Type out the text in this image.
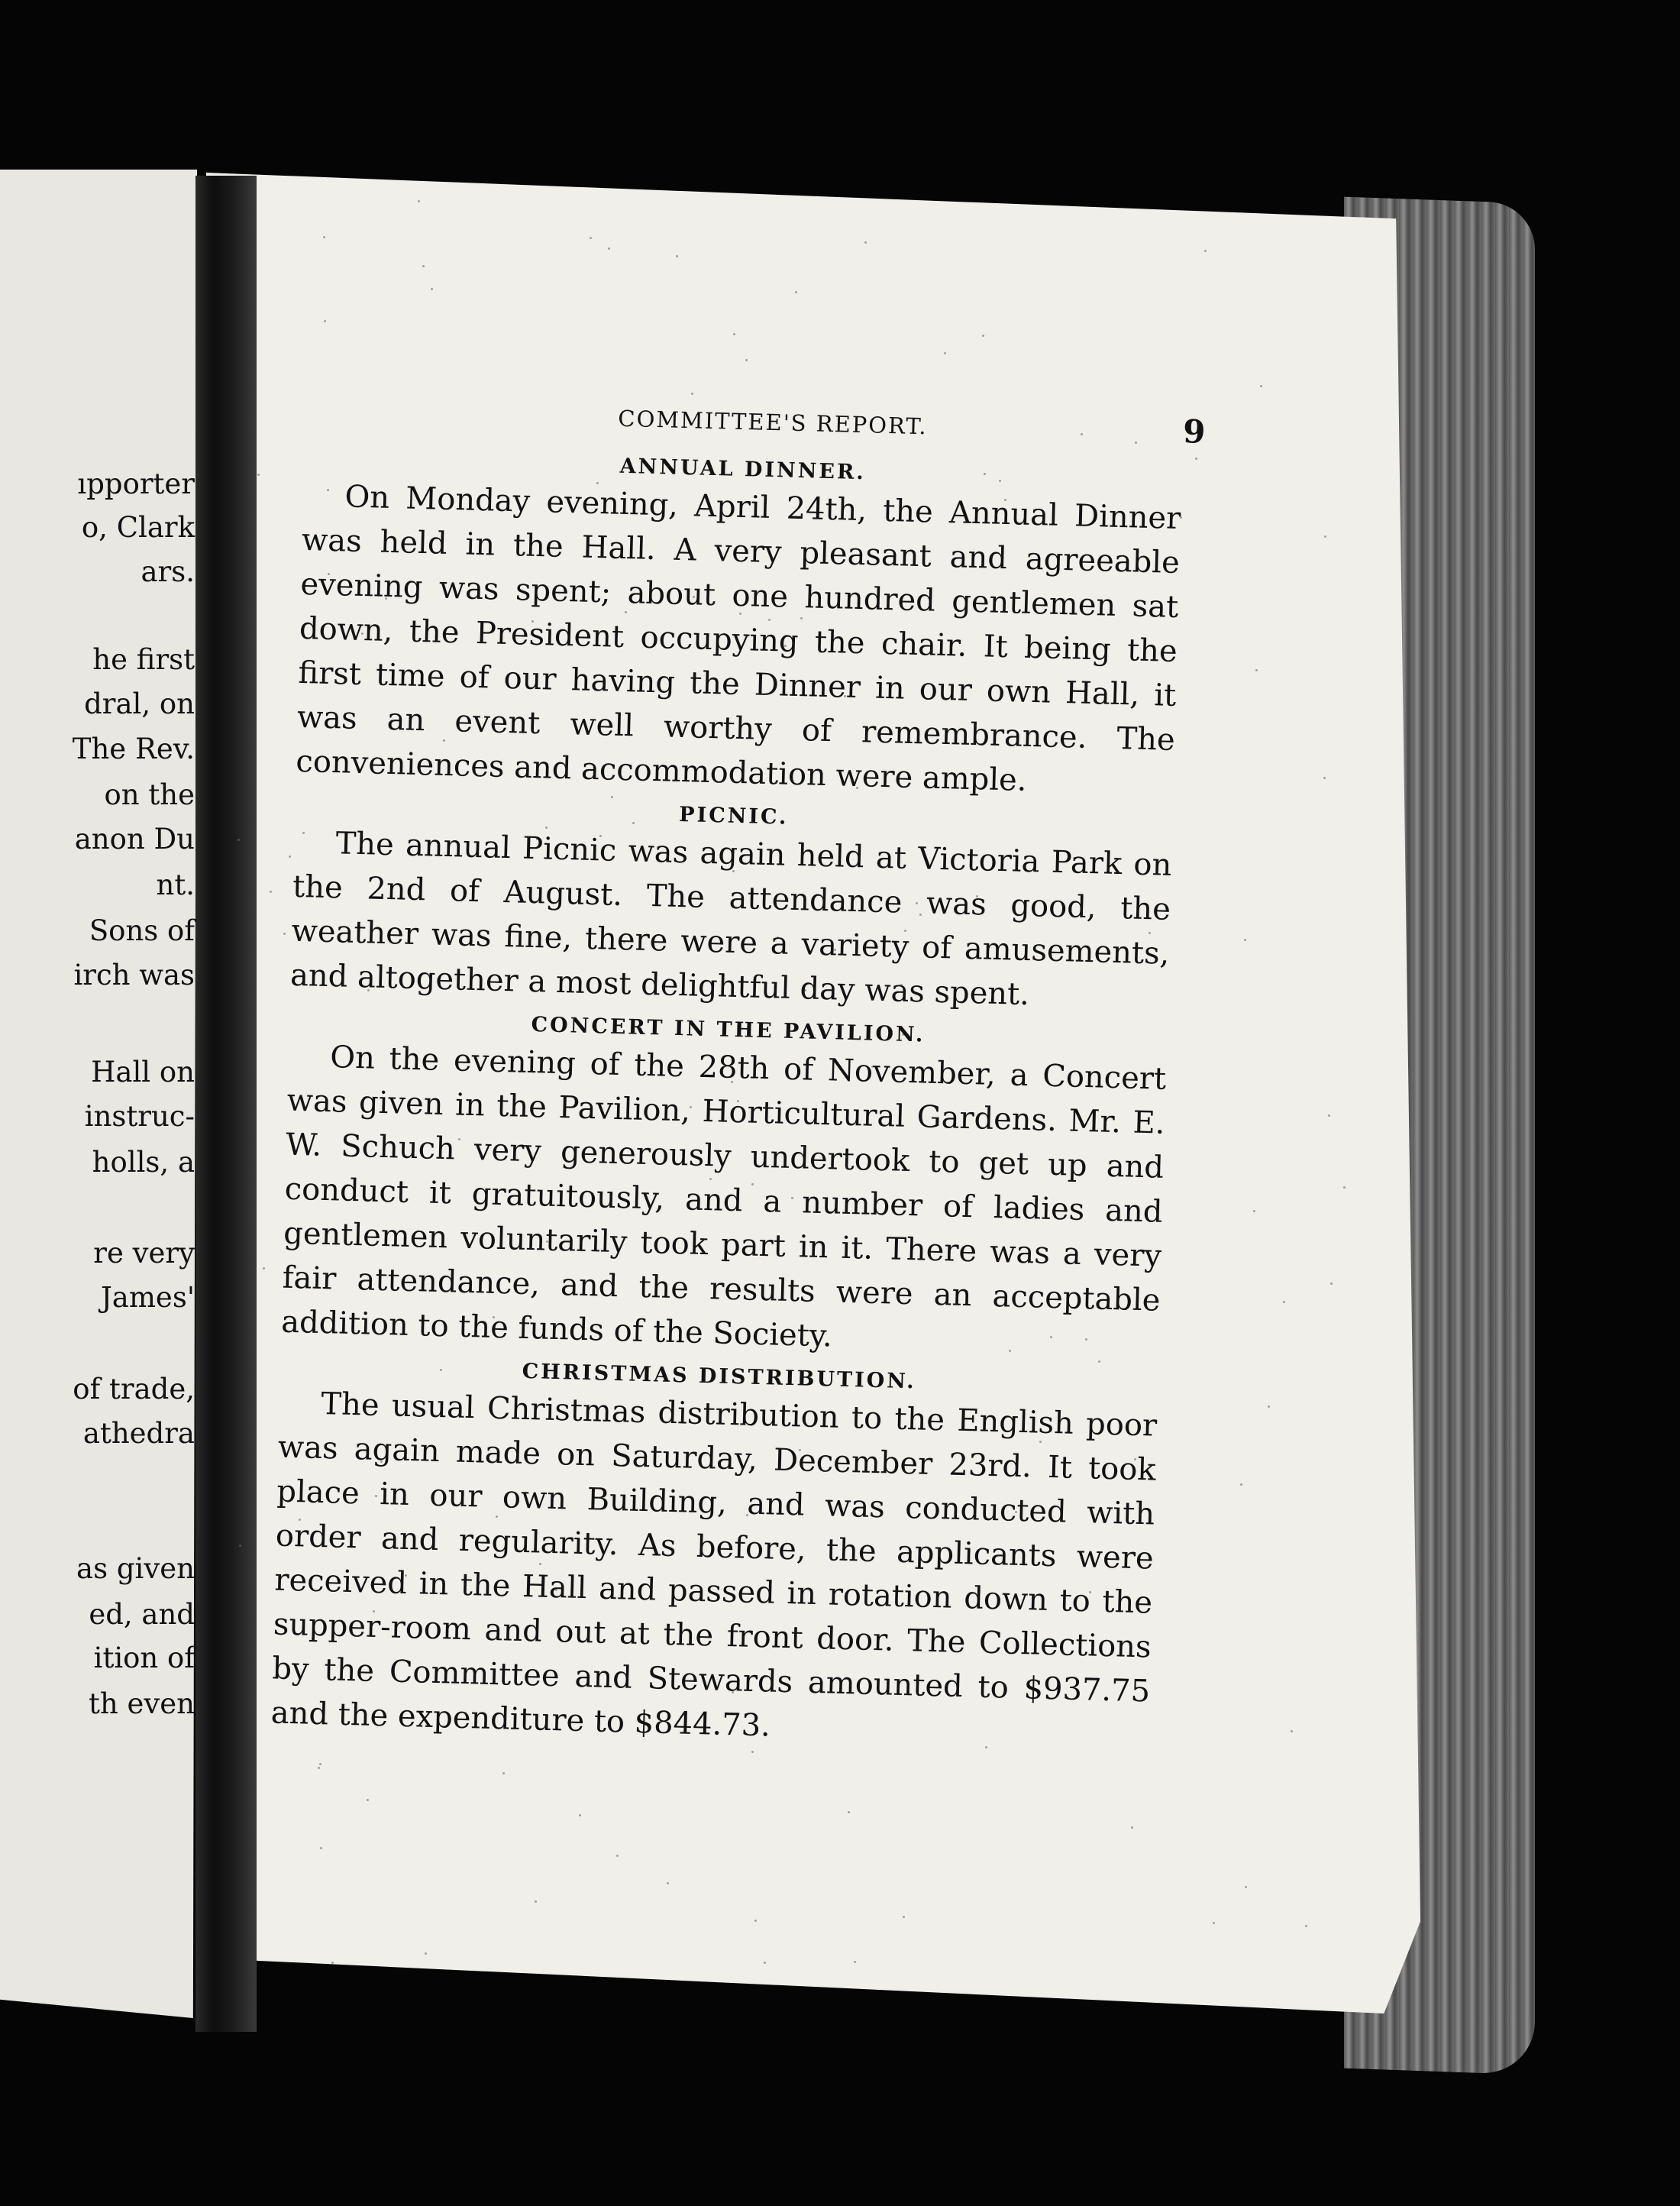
ıpporter
o, Clark
ars.
he first
dral, on
The Rev.
on the
anon Du
nt.
Sons of
irch was
Hall on
instruc-
holls, a
re very
James'
of trade,
athedra
as given
ed, and
ition of
th even
COMMITTEE'S REPORT.	9
ANNUAL DINNER.

On Monday evening, April 24th, the Annual Dinner was held in the Hall. A very pleasant and agreeable evening was spent; about one hundred gentlemen sat down, the President occupying the chair. It being the first time of our having the Dinner in our own Hall, it was an event well worthy of remembrance. The conveniences and accommodation were ample.

PICNIC.

The annual Picnic was again held at Victoria Park on the 2nd of August. The attendance was good, the weather was fine, there were a variety of amusements, and altogether a most delightful day was spent.

CONCERT IN THE PAVILION.

On the evening of the 28th of November, a Concert was given in the Pavilion, Horticultural Gardens. Mr. E. W. Schuch very generously undertook to get up and conduct it gratuitously, and a number of ladies and gentlemen voluntarily took part in it. There was a very fair attendance, and the results were an acceptable addition to the funds of the Society.

CHRISTMAS DISTRIBUTION.

The usual Christmas distribution to the English poor was again made on Saturday, December 23rd. It took place in our own Building, and was conducted with order and regularity. As before, the applicants were received in the Hall and passed in rotation down to the supper-room and out at the front door. The Collections by the Committee and Stewards amounted to $937.75 and the expenditure to $844.73.
